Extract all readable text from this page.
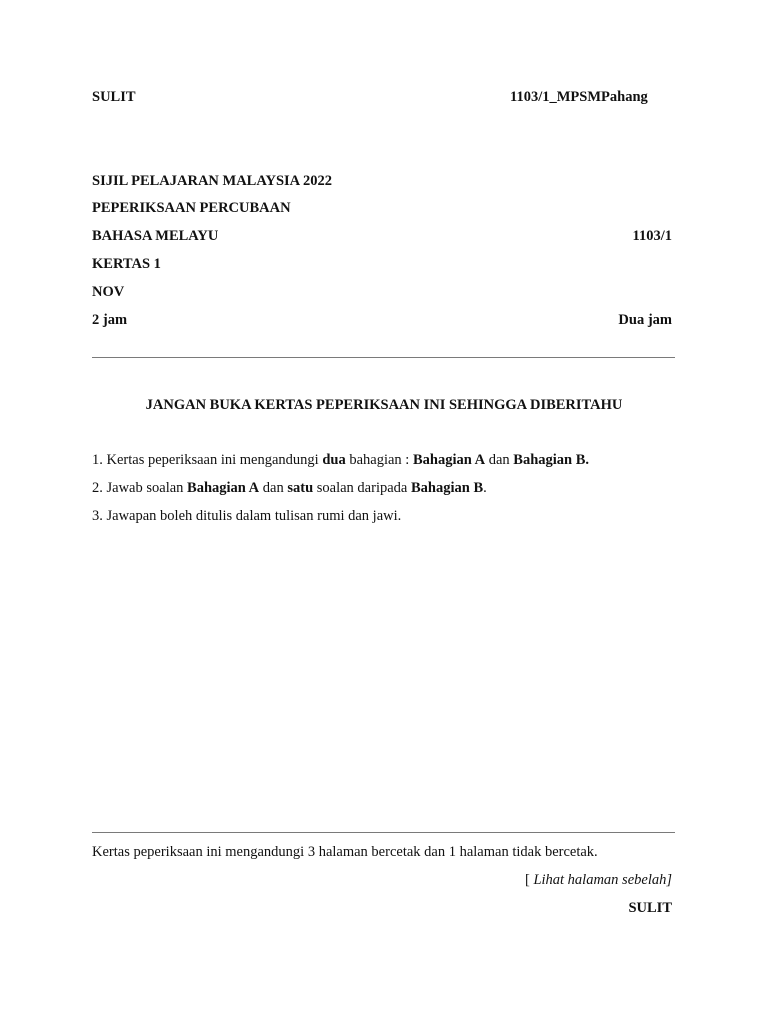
SULIT	1103/1_MPSMPahang
SIJIL PELAJARAN MALAYSIA 2022
PEPERIKSAAN PERCUBAAN
BAHASA MELAYU	1103/1
KERTAS 1
NOV
2 jam	Dua jam
JANGAN BUKA KERTAS PEPERIKSAAN INI SEHINGGA DIBERITAHU
1. Kertas peperiksaan ini mengandungi dua bahagian : Bahagian A dan Bahagian B.
2. Jawab soalan Bahagian A dan satu soalan daripada Bahagian B.
3. Jawapan boleh ditulis dalam tulisan rumi dan jawi.
Kertas peperiksaan ini mengandungi 3 halaman bercetak dan 1 halaman tidak bercetak.
[ Lihat halaman sebelah]
SULIT
